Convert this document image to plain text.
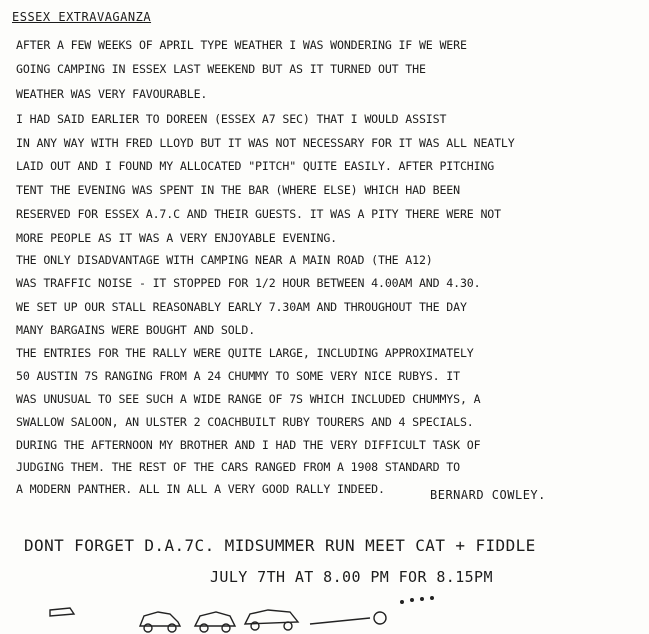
ESSEX EXTRAVAGANZA
AFTER A FEW WEEKS OF APRIL TYPE WEATHER I WAS WONDERING IF WE WERE
GOING CAMPING IN ESSEX LAST WEEKEND BUT AS IT TURNED OUT THE
WEATHER WAS VERY FAVOURABLE.
I HAD SAID EARLIER TO DOREEN (ESSEX A7 SEC) THAT I WOULD ASSIST
IN ANY WAY WITH FRED LLOYD BUT IT WAS NOT NECESSARY FOR IT WAS ALL NEATLY
LAID OUT AND I FOUND MY ALLOCATED "PITCH" QUITE EASILY. AFTER PITCHING
TENT THE EVENING WAS SPENT IN THE BAR (WHERE ELSE) WHICH HAD BEEN
RESERVED FOR ESSEX A.7.C AND THEIR GUESTS. IT WAS A PITY THERE WERE NOT
MORE PEOPLE AS IT WAS A VERY ENJOYABLE EVENING.
THE ONLY DISADVANTAGE WITH CAMPING NEAR A MAIN ROAD (THE A12)
WAS TRAFFIC NOISE - IT STOPPED FOR 1/2 HOUR BETWEEN 4.00AM AND 4.30.
WE SET UP OUR STALL REASONABLY EARLY 7.30AM AND THROUGHOUT THE DAY
MANY BARGAINS WERE BOUGHT AND SOLD.
THE ENTRIES FOR THE RALLY WERE QUITE LARGE, INCLUDING APPROXIMATELY
50 AUSTIN 7S RANGING FROM A 24 CHUMMY TO SOME VERY NICE RUBYS. IT
WAS UNUSUAL TO SEE SUCH A WIDE RANGE OF 7S WHICH INCLUDED CHUMMYS, A
SWALLOW SALOON, AN ULSTER 2 COACHBUILT RUBY TOURERS AND 4 SPECIALS.
DURING THE AFTERNOON MY BROTHER AND I HAD THE VERY DIFFICULT TASK OF
JUDGING THEM. THE REST OF THE CARS RANGED FROM A 1908 STANDARD TO
A MODERN PANTHER. ALL IN ALL A VERY GOOD RALLY INDEED.	BERNARD COWLEY.
DONT FORGET D.A.7C. MIDSUMMER RUN MEET CAT + FIDDLE
JULY 7TH AT 8.00 PM FOR 8.15PM
